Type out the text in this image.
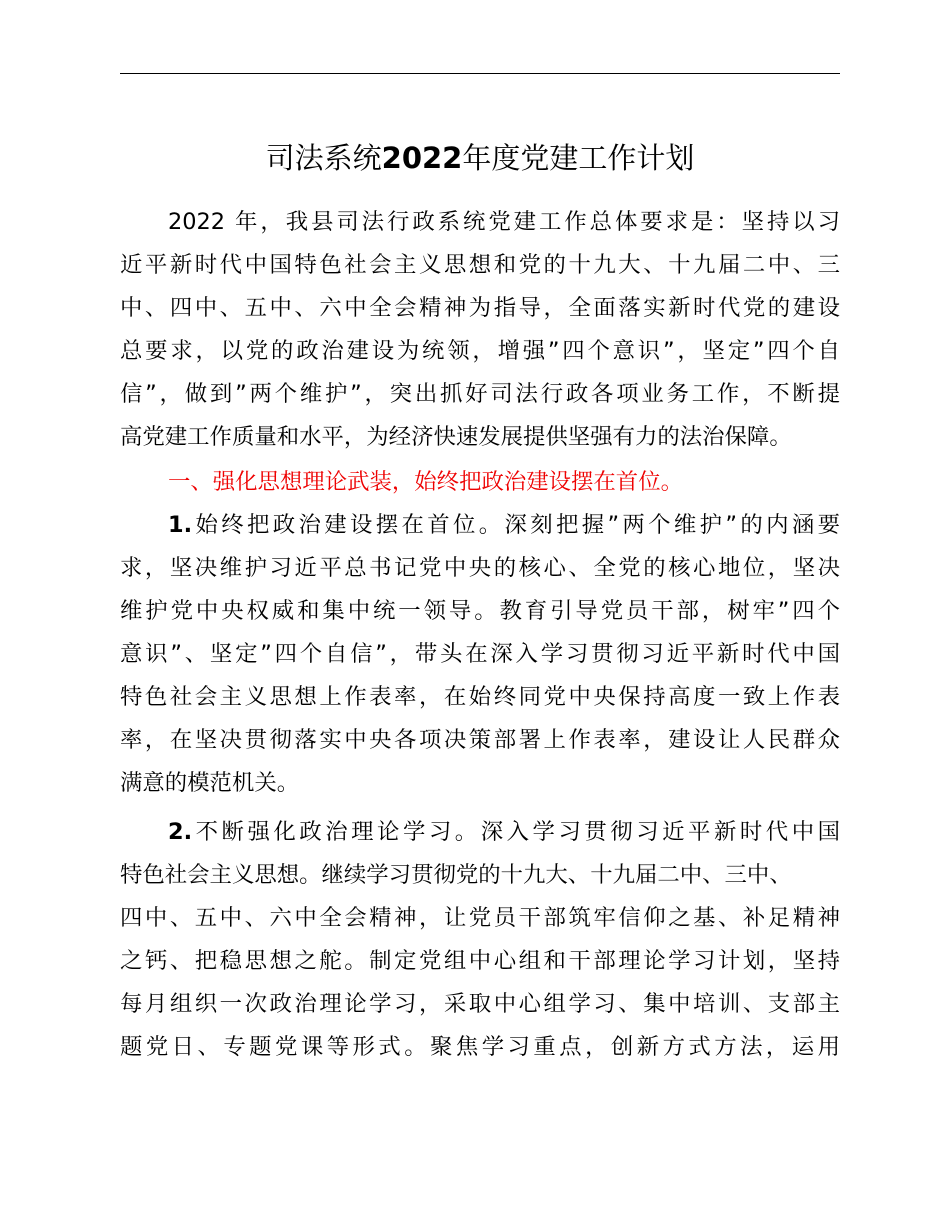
司法系统2022年度党建工作计划

2022 年，我县司法行政系统党建工作总体要求是：坚持以习

近平新时代中国特色社会主义思想和党的十九大、十九届二中、三

中、四中、五中、六中全会精神为指导，全面落实新时代党的建设

总要求，以党的政治建设为统领，增强”四个意识”，坚定”四个自

信”，做到”两个维护”，突出抓好司法行政各项业务工作，不断提

高党建工作质量和水平，为经济快速发展提供坚强有力的法治保障。

一、强化思想理论武装，始终把政治建设摆在首位。

1.始终把政治建设摆在首位。深刻把握”两个维护”的内涵要

求，坚决维护习近平总书记党中央的核心、全党的核心地位，坚决

维护党中央权威和集中统一领导。教育引导党员干部，树牢”四个

意识”、坚定”四个自信”，带头在深入学习贯彻习近平新时代中国

特色社会主义思想上作表率，在始终同党中央保持高度一致上作表

率，在坚决贯彻落实中央各项决策部署上作表率，建设让人民群众

满意的模范机关。

2.不断强化政治理论学习。深入学习贯彻习近平新时代中国

特色社会主义思想。继续学习贯彻党的十九大、十九届二中、三中、

四中、五中、六中全会精神，让党员干部筑牢信仰之基、补足精神

之钙、把稳思想之舵。制定党组中心组和干部理论学习计划，坚持

每月组织一次政治理论学习，采取中心组学习、集中培训、支部主

题党日、专题党课等形式。聚焦学习重点，创新方式方法，运用
